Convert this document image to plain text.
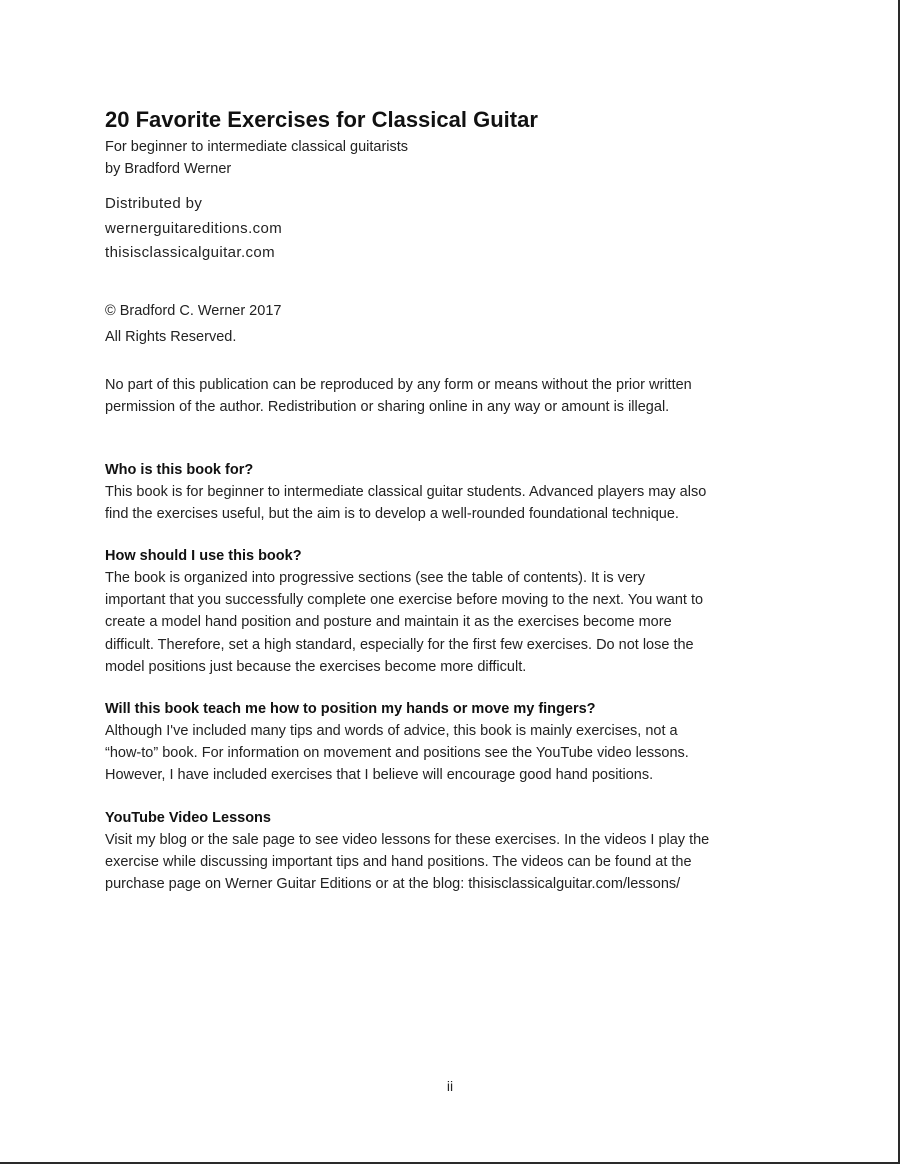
20 Favorite Exercises for Classical Guitar

For beginner to intermediate classical guitarists

by Bradford Werner

Distributed by

wernerguitareditions.com

thisisclassicalguitar.com

© Bradford C. Werner 2017

All Rights Reserved.

No part of this publication can be reproduced by any form or means without the prior written

permission of the author. Redistribution or sharing online in any way or amount is illegal.

Who is this book for?

This book is for beginner to intermediate classical guitar students. Advanced players may also

find the exercises useful, but the aim is to develop a well-rounded foundational technique.

How should I use this book?

The book is organized into progressive sections (see the table of contents). It is very

important that you successfully complete one exercise before moving to the next. You want to

create a model hand position and posture and maintain it as the exercises become more

difficult. Therefore, set a high standard, especially for the first few exercises. Do not lose the

model positions just because the exercises become more difficult.

Will this book teach me how to position my hands or move my fingers?

Although I've included many tips and words of advice, this book is mainly exercises, not a

“how-to” book. For information on movement and positions see the YouTube video lessons.

However, I have included exercises that I believe will encourage good hand positions.

YouTube Video Lessons

Visit my blog or the sale page to see video lessons for these exercises. In the videos I play the

exercise while discussing important tips and hand positions. The videos can be found at the

purchase page on Werner Guitar Editions or at the blog: thisisclassicalguitar.com/lessons/

ii
